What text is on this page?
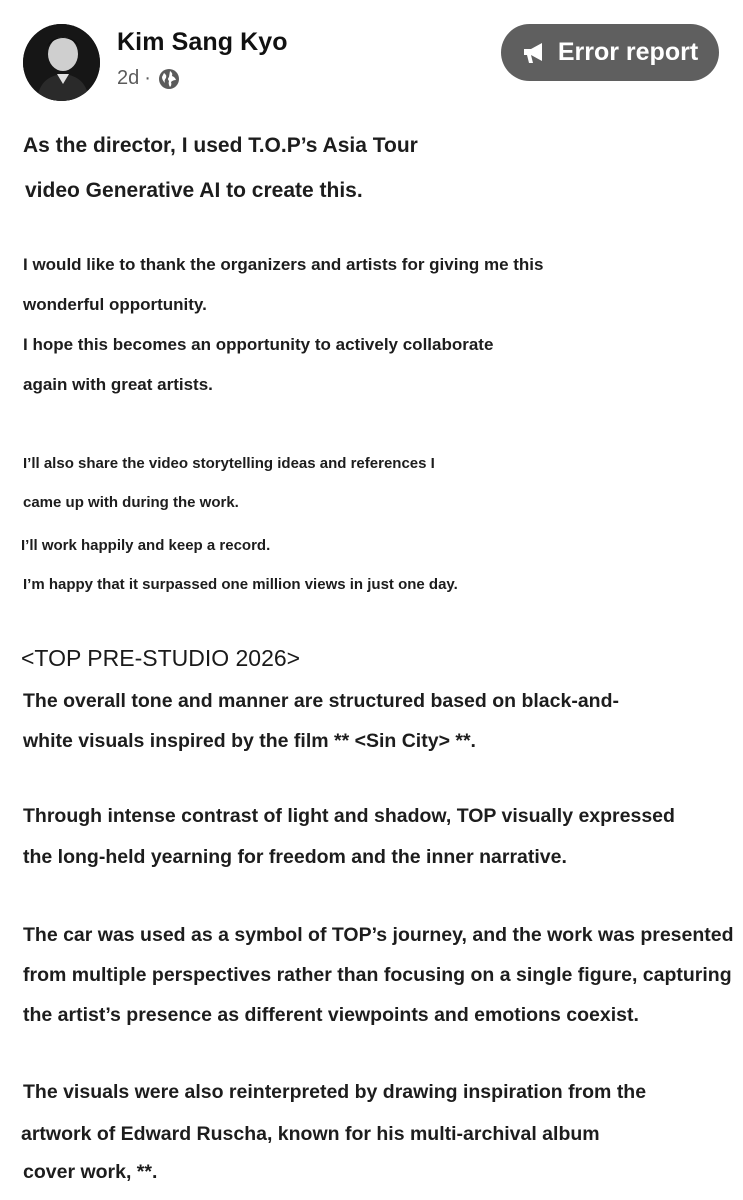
Kim Sang Kyo
2d ·
Error report
As the director, I used T.O.P’s Asia Tour
video Generative AI to create this.
I would like to thank the organizers and artists for giving me this
wonderful opportunity.
I hope this becomes an opportunity to actively collaborate
again with great artists.
I’ll also share the video storytelling ideas and references I
came up with during the work.
I’ll work happily and keep a record.
I’m happy that it surpassed one million views in just one day.
<TOP PRE-STUDIO 2026>
The overall tone and manner are structured based on black-and-
white visuals inspired by the film ** <Sin City> **.
Through intense contrast of light and shadow, TOP visually expressed
the long-held yearning for freedom and the inner narrative.
The car was used as a symbol of TOP’s journey, and the work was presented
from multiple perspectives rather than focusing on a single figure, capturing
the artist’s presence as different viewpoints and emotions coexist.
The visuals were also reinterpreted by drawing inspiration from the
artwork of Edward Ruscha, known for his multi-archival album
cover work, **.
